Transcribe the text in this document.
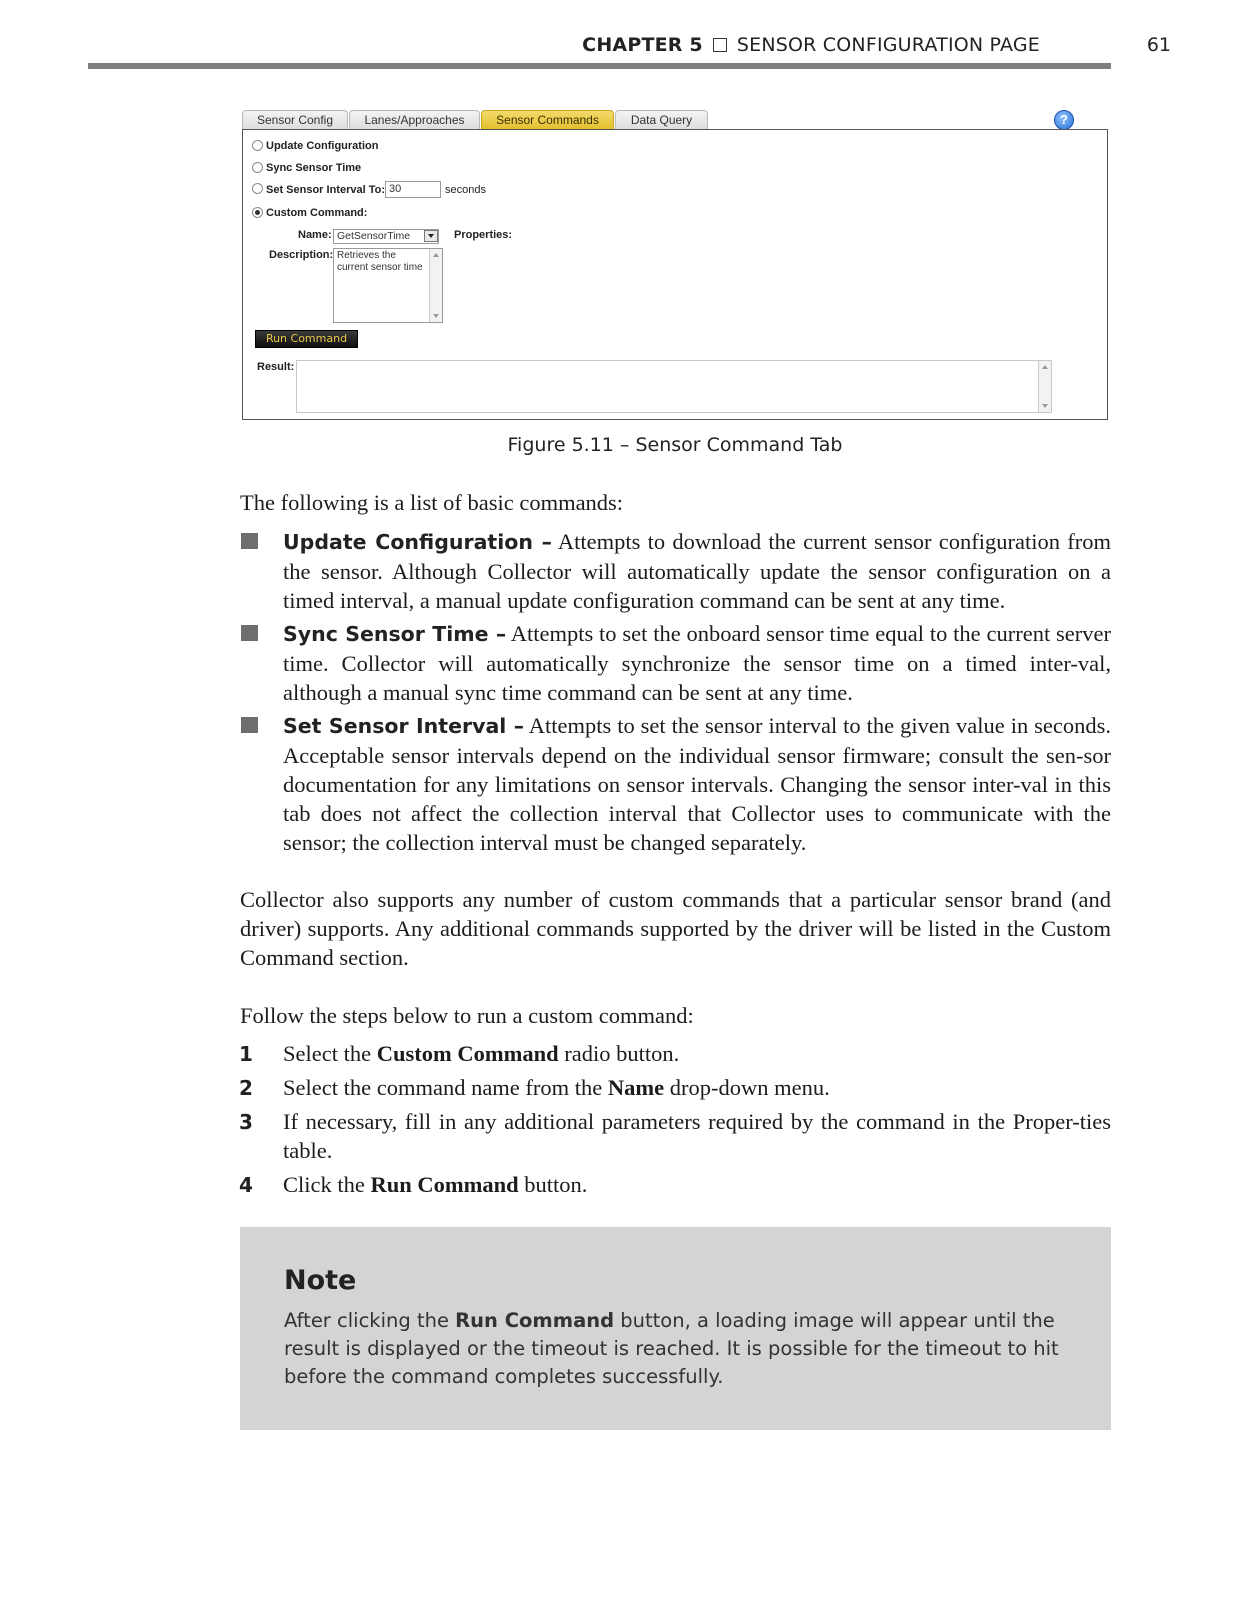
CHAPTER 5 SENSOR CONFIGURATION PAGE	61
Sensor Config	Lanes/Approaches	Sensor Commands	Data Query	?
Update Configuration
Sync Sensor Time
Set Sensor Interval To: 30	seconds
Custom Command:
Name: GetSensorTime	Properties:
Description: Retrieves the
current sensor time
Run Command
Result:
Figure 5.11 – Sensor Command Tab
The following is a list of basic commands:
Update Configuration – Attempts to download the current sensor configuration from the sensor. Although Collector will automatically update the sensor configuration on a timed interval, a manual update configuration command can be sent at any time.
Sync Sensor Time – Attempts to set the onboard sensor time equal to the current server time. Collector will automatically synchronize the sensor time on a timed inter-val, although a manual sync time command can be sent at any time.
Set Sensor Interval – Attempts to set the sensor interval to the given value in seconds. Acceptable sensor intervals depend on the individual sensor firmware; consult the sen-sor documentation for any limitations on sensor intervals. Changing the sensor inter-val in this tab does not affect the collection interval that Collector uses to communicate with the sensor; the collection interval must be changed separately.
Collector also supports any number of custom commands that a particular sensor brand (and driver) supports. Any additional commands supported by the driver will be listed in the Custom Command section.
Follow the steps below to run a custom command:
1 Select the Custom Command radio button.
2 Select the command name from the Name drop-down menu.
3 If necessary, fill in any additional parameters required by the command in the Proper-ties table.
4 Click the Run Command button.
Note
After clicking the Run Command button, a loading image will appear until the result is displayed or the timeout is reached. It is possible for the timeout to hit before the command completes successfully.
